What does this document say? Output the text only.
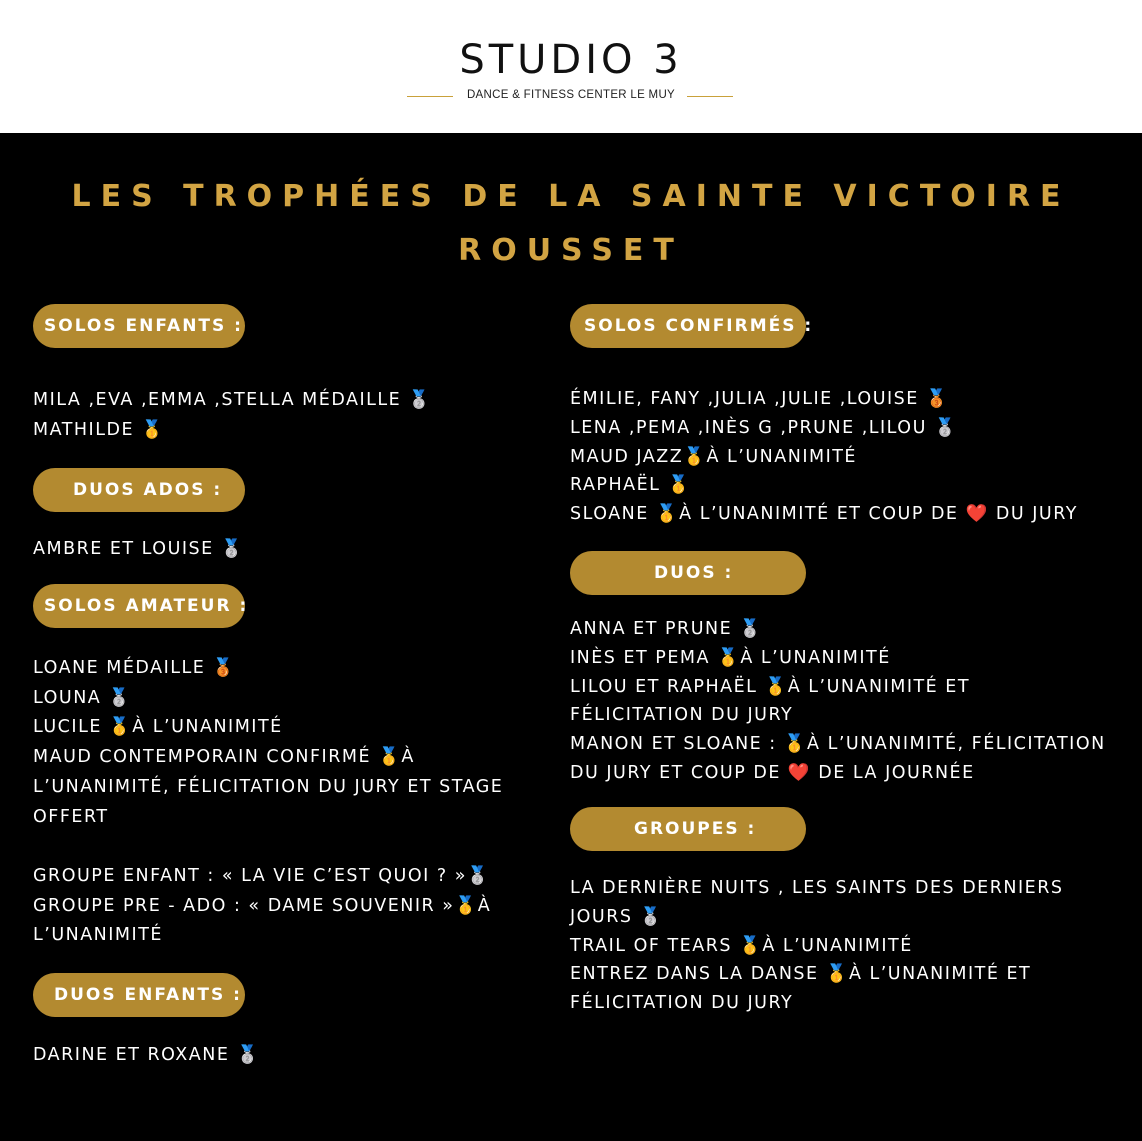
STUDIO 3
DANCE & FITNESS CENTER LE MUY
LES TROPHÉES DE LA SAINTE VICTOIRE
ROUSSET
SOLOS ENFANTS :
MILA ,EVA ,EMMA ,STELLA MÉDAILLE 🥈
MATHILDE 🥇
DUOS ADOS :
AMBRE ET LOUISE 🥈
SOLOS AMATEUR :
LOANE MÉDAILLE 🥉
LOUNA 🥈
LUCILE 🥇À L’UNANIMITÉ
MAUD CONTEMPORAIN CONFIRMÉ 🥇À
L’UNANIMITÉ, FÉLICITATION DU JURY ET STAGE
OFFERT

GROUPE ENFANT : « LA VIE C’EST QUOI ? »🥈
GROUPE PRE - ADO : « DAME SOUVENIR »🥇À
L’UNANIMITÉ
DUOS ENFANTS :
DARINE ET ROXANE 🥈
SOLOS CONFIRMÉS :
ÉMILIE, FANY ,JULIA ,JULIE ,LOUISE 🥉
LENA ,PEMA ,INÈS G ,PRUNE ,LILOU 🥈
MAUD JAZZ🥇À L’UNANIMITÉ
RAPHAËL 🥇
SLOANE 🥇À L’UNANIMITÉ ET COUP DE ❤️ DU JURY
DUOS :
ANNA ET PRUNE 🥈
INÈS ET PEMA 🥇À L’UNANIMITÉ
LILOU ET RAPHAËL 🥇À L’UNANIMITÉ ET
FÉLICITATION DU JURY
MANON ET SLOANE : 🥇À L’UNANIMITÉ, FÉLICITATION
DU JURY ET COUP DE ❤️ DE LA JOURNÉE
GROUPES :
LA DERNIÈRE NUITS , LES SAINTS DES DERNIERS
JOURS 🥈
TRAIL OF TEARS 🥇À L’UNANIMITÉ
ENTREZ DANS LA DANSE 🥇À L’UNANIMITÉ ET
FÉLICITATION DU JURY
